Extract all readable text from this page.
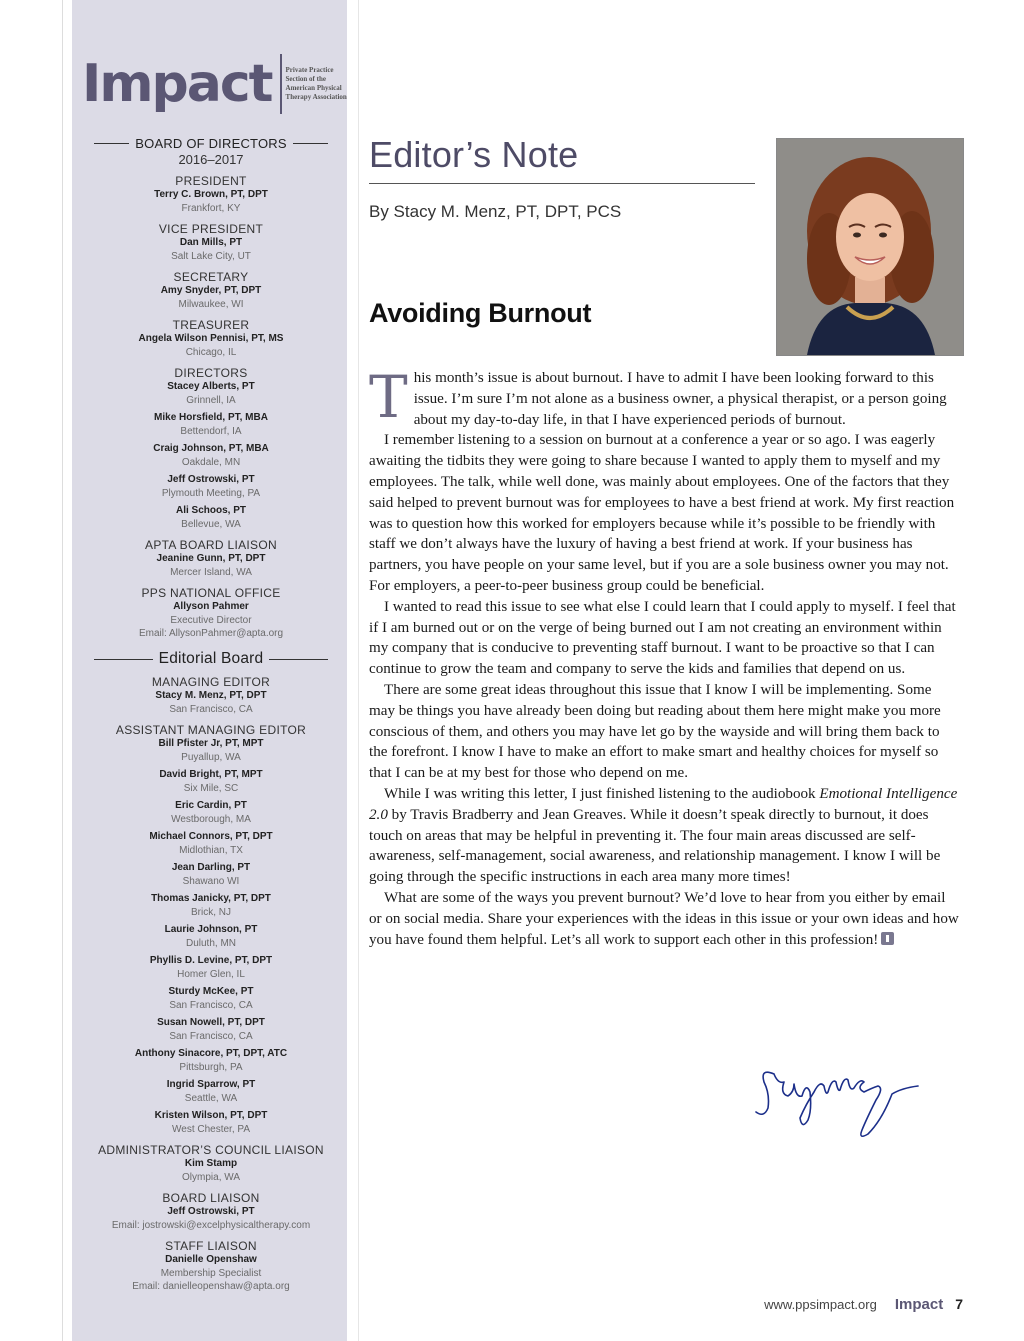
Impact Private Practice Section of the American Physical Therapy Association
BOARD OF DIRECTORS
2016–2017
PRESIDENT
Terry C. Brown, PT, DPT
Frankfort, KY
VICE PRESIDENT
Dan Mills, PT
Salt Lake City, UT
SECRETARY
Amy Snyder, PT, DPT
Milwaukee, WI
TREASURER
Angela Wilson Pennisi, PT, MS
Chicago, IL
DIRECTORS
Stacey Alberts, PT
Grinnell, IA
Mike Horsfield, PT, MBA
Bettendorf, IA
Craig Johnson, PT, MBA
Oakdale, MN
Jeff Ostrowski, PT
Plymouth Meeting, PA
Ali Schoos, PT
Bellevue, WA
APTA BOARD LIAISON
Jeanine Gunn, PT, DPT
Mercer Island, WA
PPS NATIONAL OFFICE
Allyson Pahmer
Executive Director
Email: AllysonPahmer@apta.org
Editorial Board
MANAGING EDITOR
Stacy M. Menz, PT, DPT
San Francisco, CA
ASSISTANT MANAGING EDITOR
Bill Pfister Jr, PT, MPT
Puyallup, WA
David Bright, PT, MPT
Six Mile, SC
Eric Cardin, PT
Westborough, MA
Michael Connors, PT, DPT
Midlothian, TX
Jean Darling, PT
Shawano WI
Thomas Janicky, PT, DPT
Brick, NJ
Laurie Johnson, PT
Duluth, MN
Phyllis D. Levine, PT, DPT
Homer Glen, IL
Sturdy McKee, PT
San Francisco, CA
Susan Nowell, PT, DPT
San Francisco, CA
Anthony Sinacore, PT, DPT, ATC
Pittsburgh, PA
Ingrid Sparrow, PT
Seattle, WA
Kristen Wilson, PT, DPT
West Chester, PA
ADMINISTRATOR’S COUNCIL LIAISON
Kim Stamp
Olympia, WA
BOARD LIAISON
Jeff Ostrowski, PT
Email: jostrowski@excelphysicaltherapy.com
STAFF LIAISON
Danielle Openshaw
Membership Specialist
Email: danielleopenshaw@apta.org
Editor’s Note
By Stacy M. Menz, PT, DPT, PCS
Avoiding Burnout

This month’s issue is about burnout. I have to admit I have been looking forward to this issue. I’m sure I’m not alone as a business owner, a physical therapist, or a person going about my day-to-day life, in that I have experienced periods of burnout.

I remember listening to a session on burnout at a conference a year or so ago. I was eagerly awaiting the tidbits they were going to share because I wanted to apply them to myself and my employees. The talk, while well done, was mainly about employees. One of the factors that they said helped to prevent burnout was for employees to have a best friend at work. My first reaction was to question how this worked for employers because while it’s possible to be friendly with staff we don’t always have the luxury of having a best friend at work. If your business has partners, you have people on your same level, but if you are a sole business owner you may not. For employers, a peer-to-peer business group could be beneficial.

I wanted to read this issue to see what else I could learn that I could apply to myself. I feel that if I am burned out or on the verge of being burned out I am not creating an environment within my company that is conducive to preventing staff burnout. I want to be proactive so that I can continue to grow the team and company to serve the kids and families that depend on us.

There are some great ideas throughout this issue that I know I will be implementing. Some may be things you have already been doing but reading about them here might make you more conscious of them, and others you may have let go by the wayside and will bring them back to the forefront. I know I have to make an effort to make smart and healthy choices for myself so that I can be at my best for those who depend on me.

While I was writing this letter, I just finished listening to the audiobook Emotional Intelligence 2.0 by Travis Bradberry and Jean Greaves. While it doesn’t speak directly to burnout, it does touch on areas that may be helpful in preventing it. The four main areas discussed are self-awareness, self-management, social awareness, and relationship management. I know I will be going through the specific instructions in each area many more times!

What are some of the ways you prevent burnout? We’d love to hear from you either by email or on social media. Share your experiences with the ideas in this issue or your own ideas and how you have found them helpful. Let’s all work to support each other in this profession!

www.ppsimpact.org Impact 7
